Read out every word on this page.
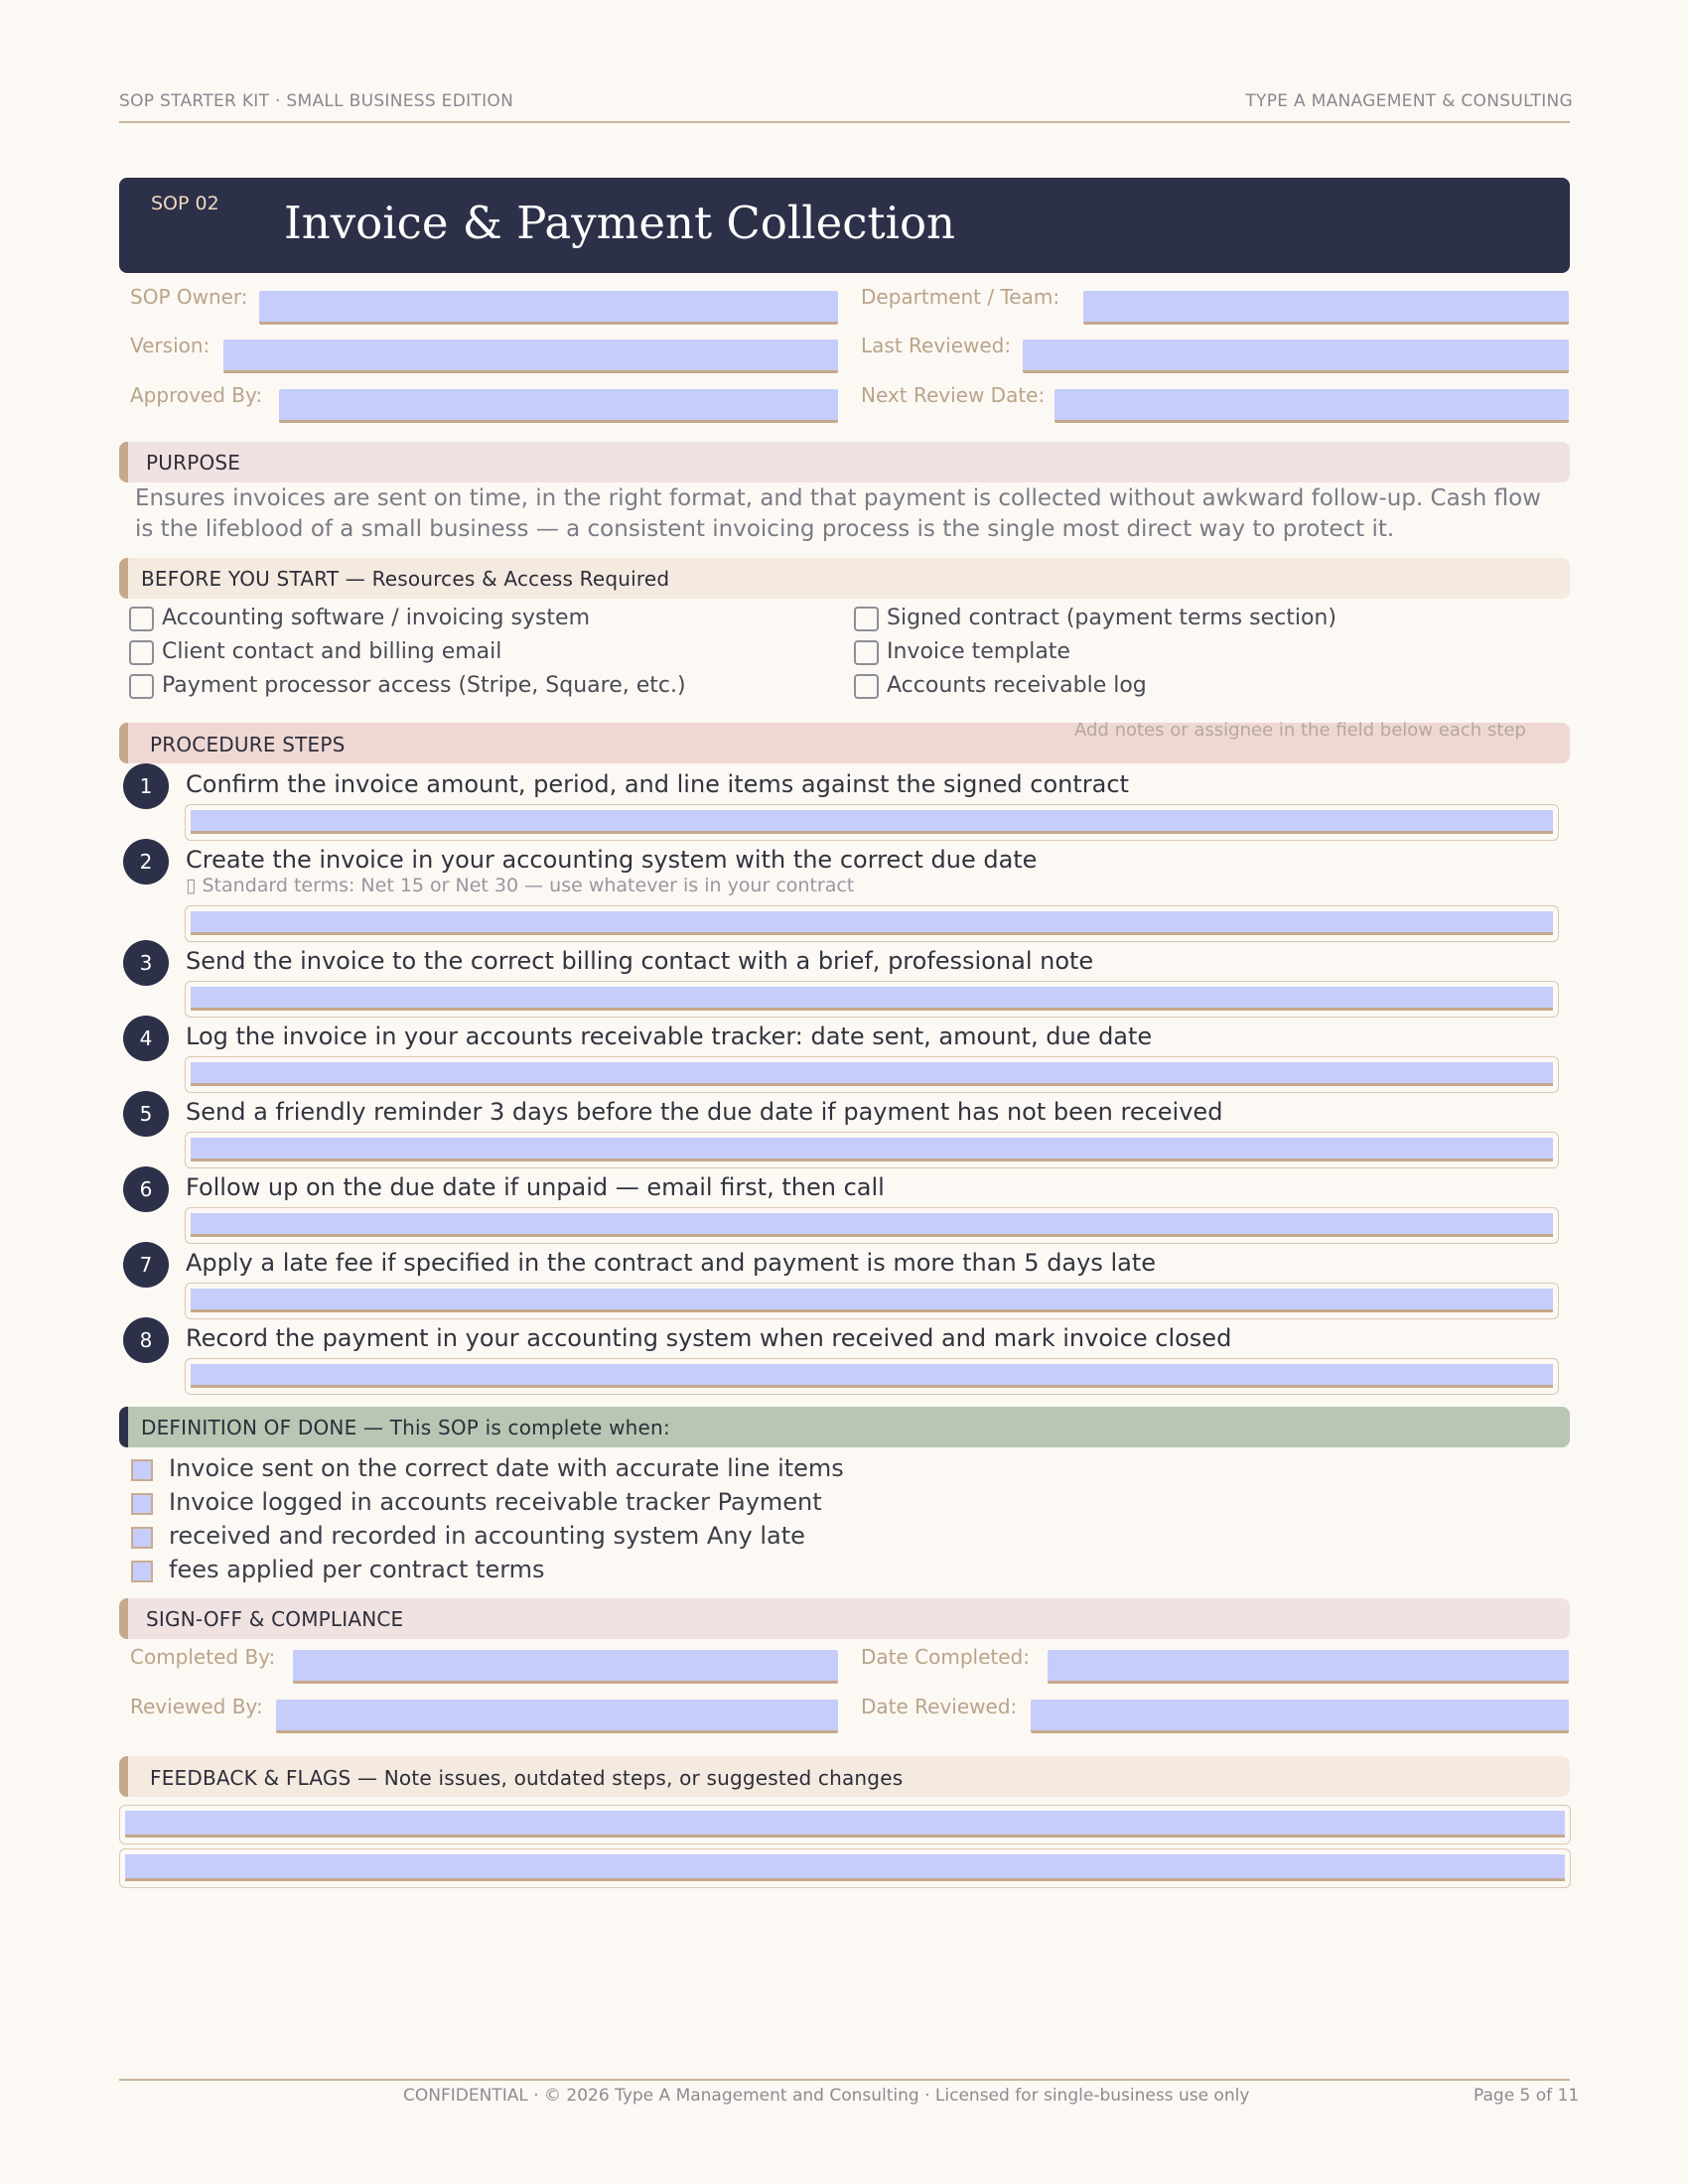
SOP STARTER KIT · SMALL BUSINESS EDITION	TYPE A MANAGEMENT & CONSULTING
SOP 02 Invoice & Payment Collection
SOP Owner:	Department / Team:
Version:	Last Reviewed:
Approved By:	Next Review Date:
PURPOSE
Ensures invoices are sent on time, in the right format, and that payment is collected without awkward follow-up. Cash flow is the lifeblood of a small business — a consistent invoicing process is the single most direct way to protect it.
BEFORE YOU START — Resources & Access Required
Accounting software / invoicing system
Client contact and billing email
Payment processor access (Stripe, Square, etc.)
Signed contract (payment terms section)
Invoice template
Accounts receivable log
PROCEDURE STEPS
Add notes or assignee in the field below each step
1	Confirm the invoice amount, period, and line items against the signed contract
2	Create the invoice in your accounting system with the correct due date
▯ Standard terms: Net 15 or Net 30 — use whatever is in your contract
3	Send the invoice to the correct billing contact with a brief, professional note
4	Log the invoice in your accounts receivable tracker: date sent, amount, due date
5	Send a friendly reminder 3 days before the due date if payment has not been received
6	Follow up on the due date if unpaid — email first, then call
7	Apply a late fee if specified in the contract and payment is more than 5 days late
8	Record the payment in your accounting system when received and mark invoice closed
DEFINITION OF DONE — This SOP is complete when:
Invoice sent on the correct date with accurate line items
Invoice logged in accounts receivable tracker Payment
received and recorded in accounting system Any late
fees applied per contract terms
SIGN-OFF & COMPLIANCE
Completed By:	Date Completed:
Reviewed By:	Date Reviewed:
FEEDBACK & FLAGS — Note issues, outdated steps, or suggested changes
CONFIDENTIAL · © 2026 Type A Management and Consulting · Licensed for single-business use only	Page 5 of 11
